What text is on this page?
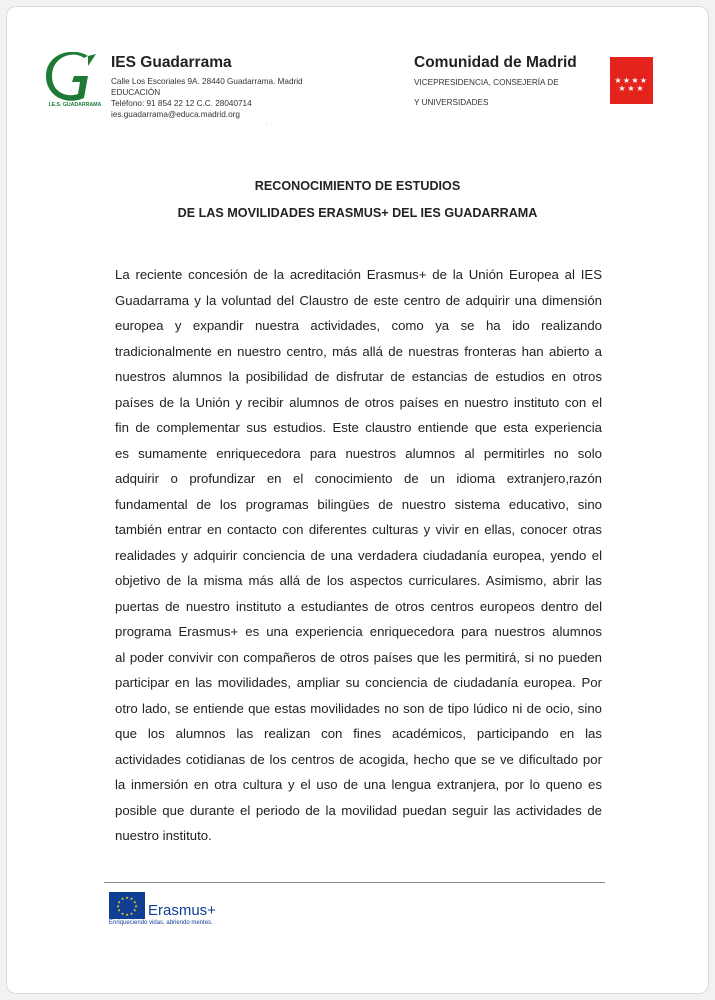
I.E.S. GUADARRAMA
IES Guadarrama
Calle Los Escoriales 9A. 28440 Guadarrama. Madrid
EDUCACIÓN
Teléfono: 91 854 22 12 C.C. 28040714
ies.guadarrama@educa.madrid.org
.
Comunidad de Madrid
VICEPRESIDENCIA, CONSEJERÍA DE
Y UNIVERSIDADES
★ ★ ★ ★
★ ★ ★
RECONOCIMIENTO DE ESTUDIOS
DE LAS MOVILIDADES ERASMUS+ DEL IES GUADARRAMA
La reciente concesión de la acreditación Erasmus+ de la Unión Europea al IES
Guadarrama y la voluntad del Claustro de este centro de adquirir una dimensión
europea y expandir nuestra actividades, como ya se ha ido realizando
tradicionalmente en nuestro centro, más allá de nuestras fronteras han abierto a
nuestros alumnos la posibilidad de disfrutar de estancias de estudios en otros
países de la Unión y recibir alumnos de otros países en nuestro instituto con el
fin de complementar sus estudios. Este claustro entiende que esta experiencia
es sumamente enriquecedora para nuestros alumnos al permitirles no solo
adquirir o profundizar en el conocimiento de un idioma extranjero,razón
fundamental de los programas bilingües de nuestro sistema educativo, sino
también entrar en contacto con diferentes culturas y vivir en ellas, conocer otras
realidades y adquirir conciencia de una verdadera ciudadanía europea, yendo el
objetivo de la misma más allá de los aspectos curriculares. Asimismo, abrir las
puertas de nuestro instituto a estudiantes de otros centros europeos dentro del
programa Erasmus+ es una experiencia enriquecedora para nuestros alumnos
al poder convivir con compañeros de otros países que les permitirá, si no pueden
participar en las movilidades, ampliar su conciencia de ciudadanía europea. Por
otro lado, se entiende que estas movilidades no son de tipo lúdico ni de ocio, sino
que los alumnos las realizan con fines académicos, participando en las
actividades cotidianas de los centros de acogida, hecho que se ve dificultado por
la inmersión en otra cultura y el uso de una lengua extranjera, por lo queno es
posible que durante el periodo de la movilidad puedan seguir las actividades de
nuestro instituto.
★ ★
★
★
★
★
★
★
★
★
★
★
Erasmus+
Enriqueciendo vidas, abriendo mentes.
